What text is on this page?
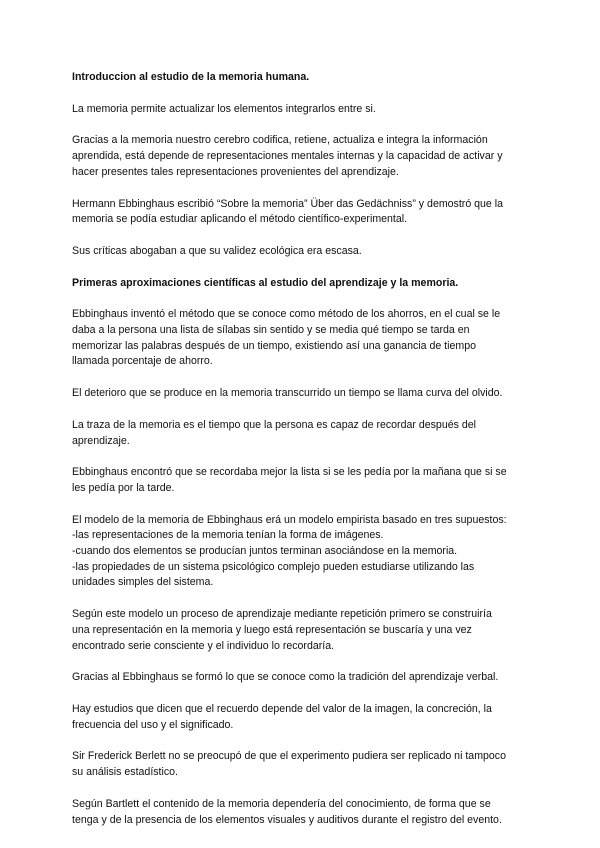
Introduccion al estudio de la memoria humana.
La memoria permite actualizar los elementos integrarlos entre si.
Gracias a la memoria nuestro cerebro codifica, retiene, actualiza e integra la información
aprendida, está depende de representaciones mentales internas y la capacidad de activar y
hacer presentes tales representaciones provenientes del aprendizaje.
Hermann Ebbinghaus escribió “Sobre la memoria” Über das Gedächniss” y demostró que la
memoria se podía estudiar aplicando el método científico-experimental.
Sus críticas abogaban a que su validez ecológica era escasa.
Primeras aproximaciones científicas al estudio del aprendizaje y la memoria.
Ebbinghaus inventó el método que se conoce como método de los ahorros, en el cual se le
daba a la persona una lista de sílabas sin sentido y se media qué tiempo se tarda en
memorizar las palabras después de un tiempo, existiendo así una ganancia de tiempo
llamada porcentaje de ahorro.
El deterioro que se produce en la memoria transcurrido un tiempo se llama curva del olvido.
La traza de la memoria es el tiempo que la persona es capaz de recordar después del
aprendizaje.
Ebbinghaus encontró que se recordaba mejor la lista si se les pedía por la mañana que si se
les pedía por la tarde.
El modelo de la memoria de Ebbinghaus erá un modelo empirista basado en tres supuestos:
-las representaciones de la memoria tenían la forma de imágenes.
-cuando dos elementos se producían juntos terminan asociándose en la memoria.
-las propiedades de un sistema psicológico complejo pueden estudiarse utilizando las
unidades simples del sistema.
Según este modelo un proceso de aprendizaje mediante repetición primero se construiría
una representación en la memoria y luego está representación se buscaría y una vez
encontrado serie consciente y el individuo lo recordaría.
Gracias al Ebbinghaus se formó lo que se conoce como la tradición del aprendizaje verbal.
Hay estudios que dicen que el recuerdo depende del valor de la imagen, la concreción, la
frecuencia del uso y el significado.
Sir Frederick Berlett no se preocupó de que el experimento pudiera ser replicado ni tampoco
su análisis estadístico.
Según Bartlett el contenido de la memoria dependería del conocimiento, de forma que se
tenga y de la presencia de los elementos visuales y auditivos durante el registro del evento.
